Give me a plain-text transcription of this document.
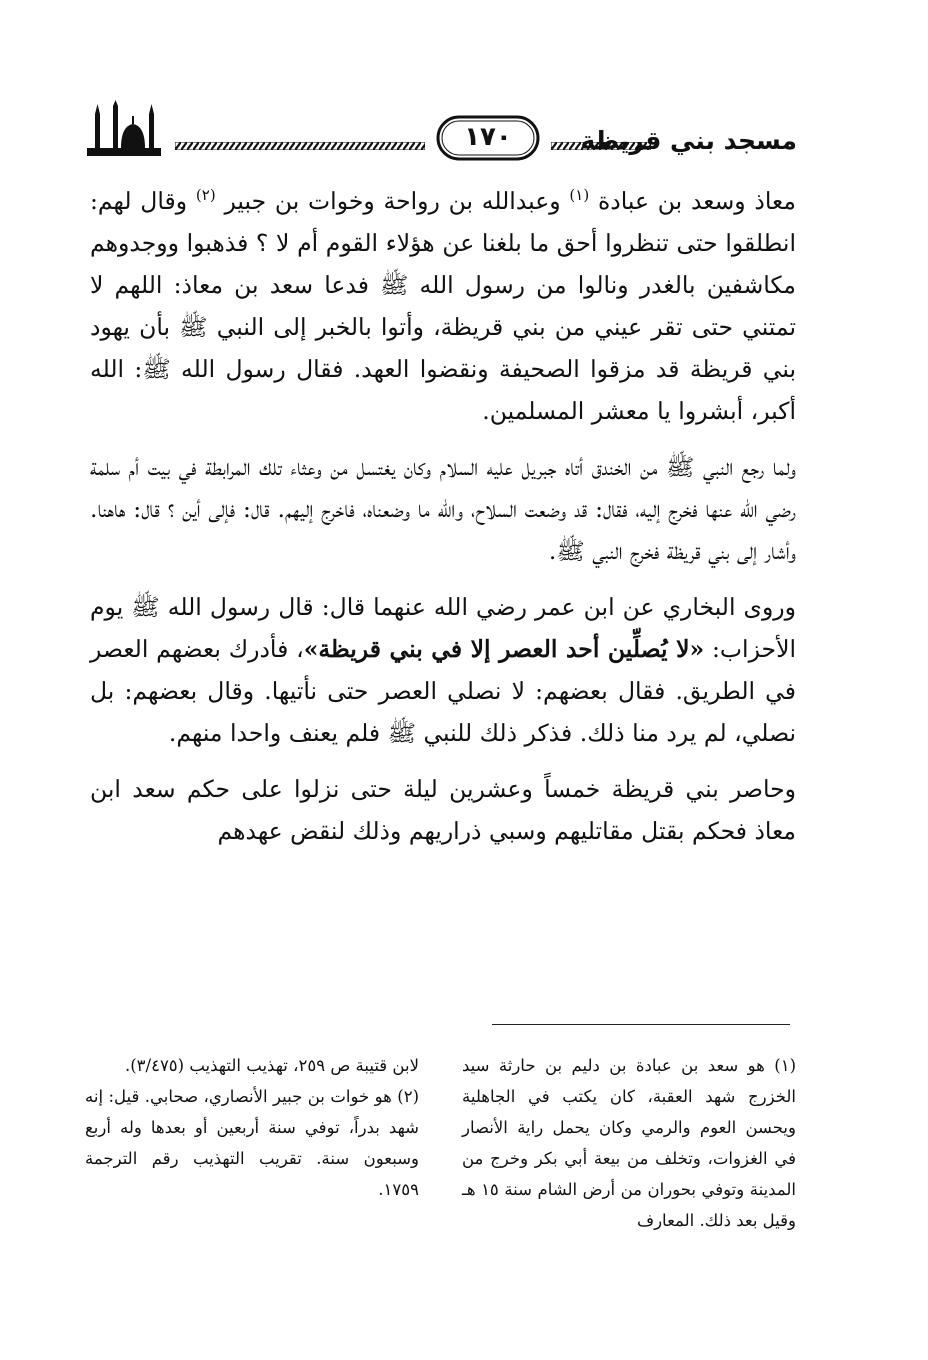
١٧٠	مسجد بني قريظة

معاذ وسعد بن عبادة $^{(١)}$ وعبدالله بن رواحة وخوات بن جبير $^{(٢)}$ وقال لهم: انطلقوا حتى تنظروا أحق ما بلغنا عن هؤلاء القوم أم لا ؟ فذهبوا ووجدوهم مكاشفين بالغدر ونالوا من رسول الله ﷺ فدعا سعد بن معاذ: اللهم لا تمتني حتى تقر عيني من بني قريظة، وأتوا بالخبر إلى النبي ﷺ بأن يهود بني قريظة قد مزقوا الصحيفة ونقضوا العهد. فقال رسول الله ﷺ: الله أكبر، أبشروا يا معشر المسلمين.

ولما رجع النبي ﷺ من الخندق أتاه جبريل عليه السلام وكان يغتسل من وعثاء تلك المرابطة في بيت أم سلمة رضي الله عنها فخرج إليه، فقال: قد وضعت السلاح، والله ما وضعناه، فاخرج إليهم. قال: فإلى أين ؟ قال: هاهنا. وأشار إلى بني قريظة فخرج النبي ﷺ.

وروى البخاري عن ابن عمر رضي الله عنهما قال: قال رسول الله ﷺ يوم الأحزاب: «لا يُصلِّين أحد العصر إلا في بني قريظة»، فأدرك بعضهم العصر في الطريق. فقال بعضهم: لا نصلي العصر حتى نأتيها. وقال بعضهم: بل نصلي، لم يرد منا ذلك. فذكر ذلك للنبي ﷺ فلم يعنف واحدا منهم.

وحاصر بني قريظة خمساً وعشرين ليلة حتى نزلوا على حكم سعد ابن معاذ فحكم بقتل مقاتليهم وسبي ذراريهم وذلك لنقض عهدهم

(١) هو سعد بن عبادة بن دليم بن حارثة سيد الخزرج شهد العقبة، كان يكتب في الجاهلية ويحسن العوم والرمي وكان يحمل راية الأنصار في الغزوات، وتخلف من بيعة أبي بكر وخرج من المدينة وتوفي بحوران من أرض الشام سنة ١٥ هـ وقيل بعد ذلك. المعارف

لابن قتيبة ص ٢٥٩، تهذيب التهذيب (٣/٤٧٥).

(٢) هو خوات بن جبير الأنصاري، صحابي. قيل: إنه شهد بدراً، توفي سنة أربعين أو بعدها وله أربع وسبعون سنة. تقريب التهذيب رقم الترجمة ١٧٥٩.
